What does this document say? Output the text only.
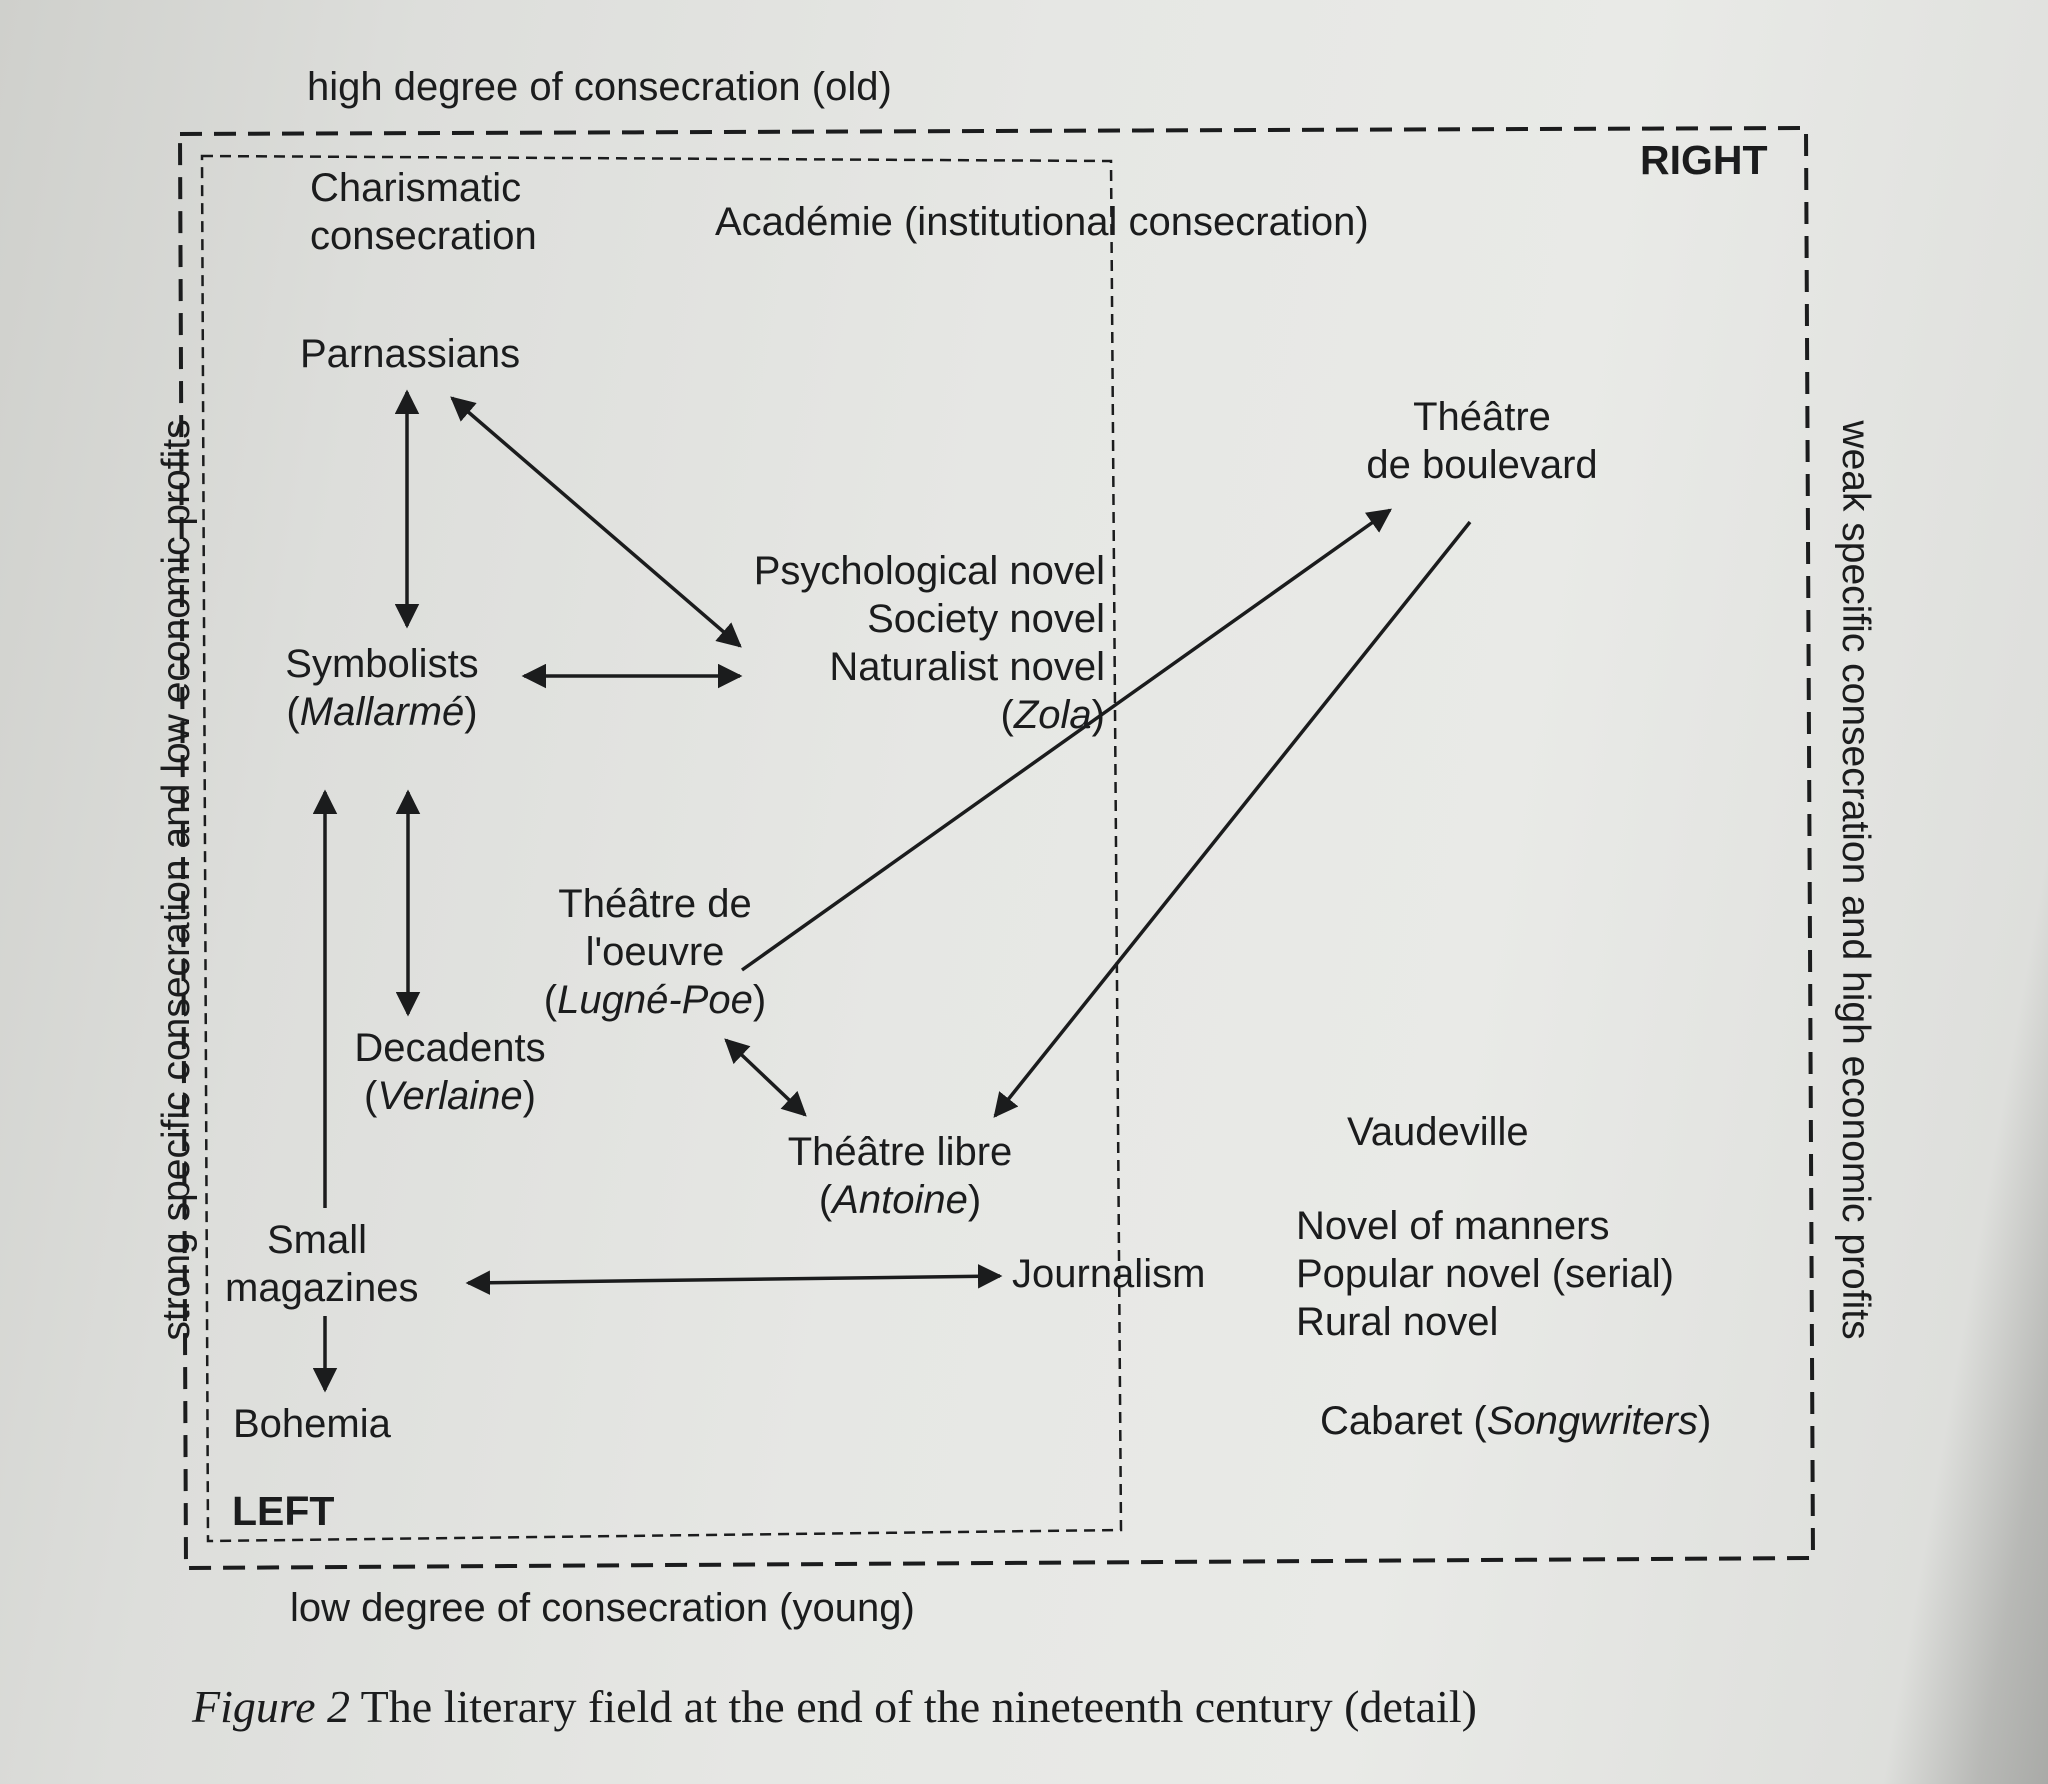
high degree of consecration (old)
low degree of consecration (young)
strong specific consecration and low economic profits	weak specific consecration and high economic profits
RIGHT
LEFT
Charismatic
consecration	Académie (institutional consecration)
Parnassians
Théâtre
de boulevard
Psychological novel
Society novel
Naturalist novel
(Zola)
Symbolists
(Mallarmé)
Théâtre de
l'oeuvre
(Lugné-Poe)
Decadents
(Verlaine)
Théâtre libre
(Antoine)
Vaudeville
Small
magazines	Journalism
Novel of manners
Popular novel (serial)
Rural novel
Bohemia	Cabaret (Songwriters)
Figure 2 The literary field at the end of the nineteenth century (detail)
